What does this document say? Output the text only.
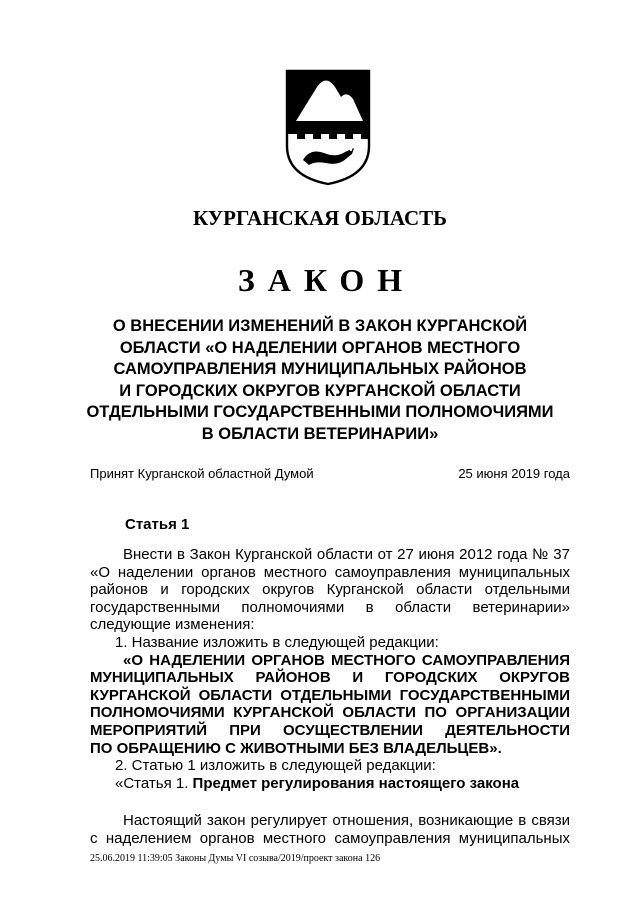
КУРГАНСКАЯ ОБЛАСТЬ
ЗАКОН
О ВНЕСЕНИИ ИЗМЕНЕНИЙ В ЗАКОН КУРГАНСКОЙ
ОБЛАСТИ «О НАДЕЛЕНИИ ОРГАНОВ МЕСТНОГО
САМОУПРАВЛЕНИЯ МУНИЦИПАЛЬНЫХ РАЙОНОВ
И ГОРОДСКИХ ОКРУГОВ КУРГАНСКОЙ ОБЛАСТИ
ОТДЕЛЬНЫМИ ГОСУДАРСТВЕННЫМИ ПОЛНОМОЧИЯМИ
В ОБЛАСТИ ВЕТЕРИНАРИИ»
Принят Курганской областной Думой	25 июня 2019 года
Статья 1
Внести в Закон Курганской области от 27 июня 2012 года № 37
«О наделении органов местного самоуправления муниципальных
районов и городских округов Курганской области отдельными
государственными полномочиями в области ветеринарии»
следующие изменения:
1. Название изложить в следующей редакции:
«О НАДЕЛЕНИИ ОРГАНОВ МЕСТНОГО САМОУПРАВЛЕНИЯ
МУНИЦИПАЛЬНЫХ РАЙОНОВ И ГОРОДСКИХ ОКРУГОВ
КУРГАНСКОЙ ОБЛАСТИ ОТДЕЛЬНЫМИ ГОСУДАРСТВЕННЫМИ
ПОЛНОМОЧИЯМИ КУРГАНСКОЙ ОБЛАСТИ ПО ОРГАНИЗАЦИИ
МЕРОПРИЯТИЙ ПРИ ОСУЩЕСТВЛЕНИИ ДЕЯТЕЛЬНОСТИ
ПО ОБРАЩЕНИЮ С ЖИВОТНЫМИ БЕЗ ВЛАДЕЛЬЦЕВ».
2. Статью 1 изложить в следующей редакции:
«Статья 1. Предмет регулирования настоящего закона
Настоящий закон регулирует отношения, возникающие в связи
с наделением органов местного самоуправления муниципальных
25.06.2019 11:39:05 Законы Думы VI созыва/2019/проект закона 126
